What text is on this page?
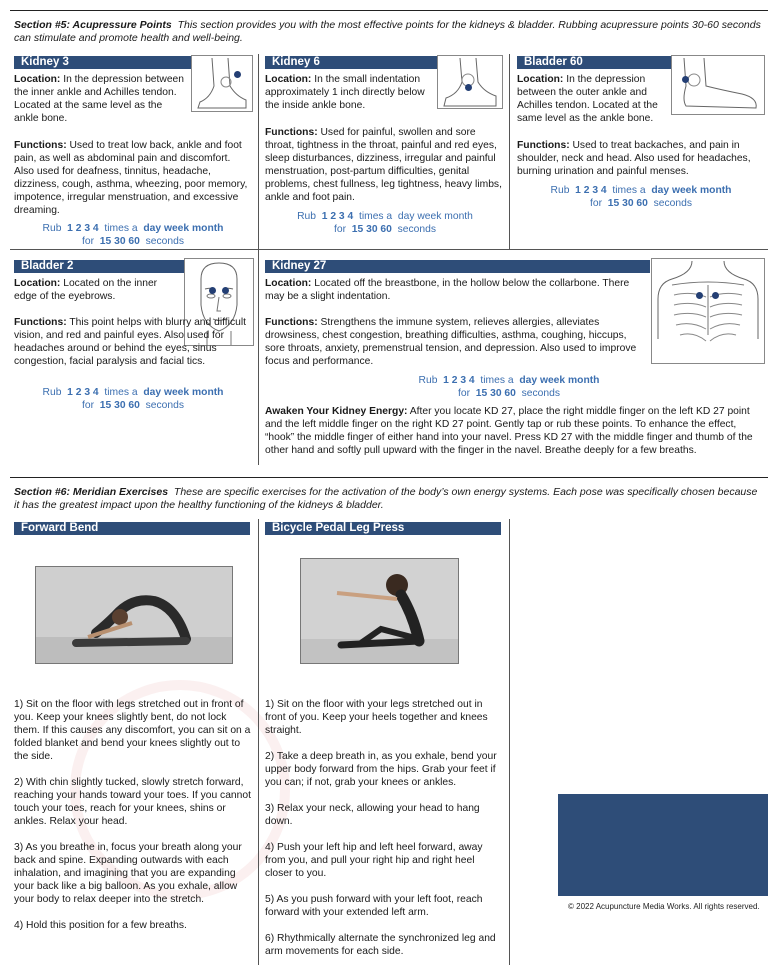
Section #5: Acupressure Points This section provides you with the most effective points for the kidneys & bladder. Rubbing acupressure points 30-60 seconds can stimulate and promote health and well-being.
Kidney 3
Location: In the depression between the inner ankle and Achilles tendon. Located at the same level as the ankle bone.
Functions: Used to treat low back, ankle and foot pain, as well as abdominal pain and discomfort. Also used for deafness, tinnitus, headache, dizziness, cough, asthma, wheezing, poor memory, impotence, irregular menstruation, and excessive dreaming.
Rub 1 2 3 4 times a day week month
for 15 30 60 seconds
Kidney 6
Location: In the small indentation approximately 1 inch directly below the inside ankle bone.
Functions: Used for painful, swollen and sore throat, tightness in the throat, painful and red eyes, sleep disturbances, dizziness, irregular and painful menstruation, post-partum difficulties, genital problems, chest fullness, leg tightness, heavy limbs, ankle and foot pain.
Rub 1 2 3 4 times a day week month
for 15 30 60 seconds
Bladder 60
Location: In the depression between the outer ankle and Achilles tendon. Located at the same level as the ankle bone.
Functions: Used to treat backaches, and pain in shoulder, neck and head. Also used for headaches, burning urination and painful menses.
Rub 1 2 3 4 times a day week month
for 15 30 60 seconds
Bladder 2
Location: Located on the inner edge of the eyebrows.
Functions: This point helps with blurry and difficult vision, and red and painful eyes. Also used for headaches around or behind the eyes, sinus congestion, facial paralysis and facial tics.
Rub 1 2 3 4 times a day week month
for 15 30 60 seconds
Kidney 27
Location: Located off the breastbone, in the hollow below the collarbone. There may be a slight indentation.
Functions: Strengthens the immune system, relieves allergies, alleviates drowsiness, chest congestion, breathing difficulties, asthma, coughing, hiccups, sore throats, anxiety, premenstrual tension, and depression. Also used to improve focus and performance.
Rub 1 2 3 4 times a day week month
for 15 30 60 seconds
Awaken Your Kidney Energy: After you locate KD 27, place the right middle finger on the left KD 27 point and the left middle finger on the right KD 27 point. Gently tap or rub these points. To enhance the effect, “hook” the middle finger of either hand into your navel. Press KD 27 with the middle finger and thumb of the other hand and softly pull upward with the finger in the navel. Breathe deeply for a few breaths.
Section #6: Meridian Exercises These are specific exercises for the activation of the body’s own energy systems. Each pose was specifically chosen because it has the greatest impact upon the healthy functioning of the kidneys & bladder.
Forward Bend

1) Sit on the floor with legs stretched out in front of you. Keep your knees slightly bent, do not lock them. If this causes any discomfort, you can sit on a folded blanket and bend your knees slightly out to the side.

2) With chin slightly tucked, slowly stretch forward, reaching your hands toward your toes. If you cannot touch your toes, reach for your knees, shins or ankles. Relax your head.

3) As you breathe in, focus your breath along your back and spine. Expanding outwards with each inhalation, and imagining that you are expanding your back like a big balloon. As you exhale, allow your body to relax deeper into the stretch.

4) Hold this position for a few breaths.

Bicycle Pedal Leg Press

1) Sit on the floor with your legs stretched out in front of you. Keep your heels together and knees straight.

2) Take a deep breath in, as you exhale, bend your upper body forward from the hips. Grab your feet if you can; if not, grab your knees or ankles.

3) Relax your neck, allowing your head to hang down.

4) Push your left hip and left heel forward, away from you, and pull your right hip and right heel closer to you.

5) As you push forward with your left foot, reach forward with your extended left arm.

6) Rhythmically alternate the synchronized leg and arm movements for each side.

© 2022 Acupuncture Media Works. All rights reserved.
